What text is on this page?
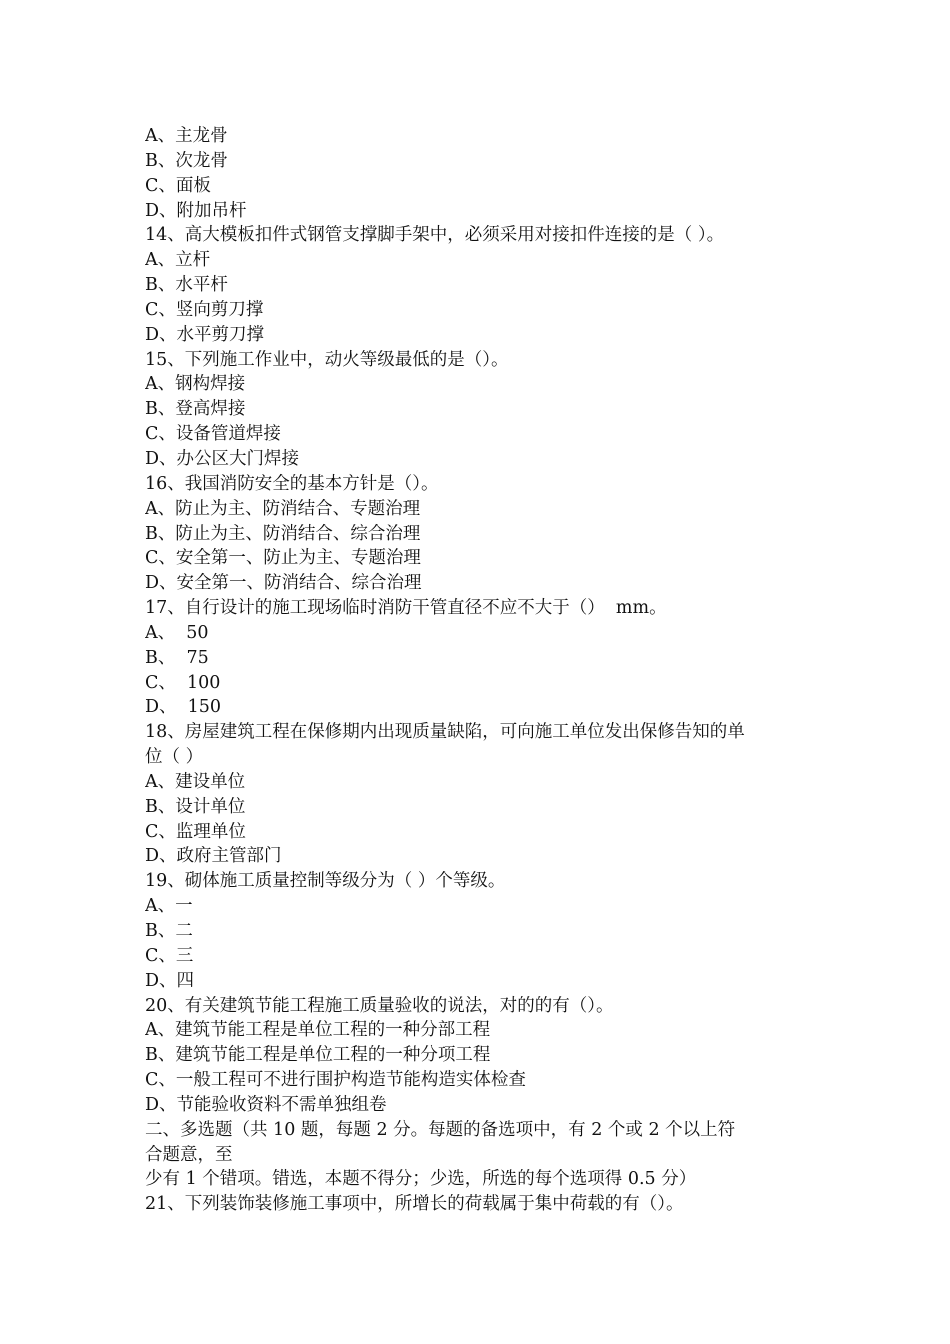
A、主龙骨
B、次龙骨
C、面板
D、附加吊杆
14、高大模板扣件式钢管支撑脚手架中，必须采用对接扣件连接的是（ ）。
A、立杆
B、水平杆
C、竖向剪刀撑
D、水平剪刀撑
15、下列施工作业中，动火等级最低的是（）。
A、钢构焊接
B、登高焊接
C、设备管道焊接
D、办公区大门焊接
16、我国消防安全的基本方针是（）。
A、防止为主、防消结合、专题治理
B、防止为主、防消结合、综合治理
C、安全第一、防止为主、专题治理
D、安全第一、防消结合、综合治理
17、自行设计的施工现场临时消防干管直径不应不大于（）  mm。
A、  50
B、  75
C、  100
D、  150
18、房屋建筑工程在保修期内出现质量缺陷，可向施工单位发出保修告知的单
位（ ）
A、建设单位
B、设计单位
C、监理单位
D、政府主管部门
19、砌体施工质量控制等级分为（ ）个等级。
A、一
B、二
C、三
D、四
20、有关建筑节能工程施工质量验收的说法，对的的有（）。
A、建筑节能工程是单位工程的一种分部工程
B、建筑节能工程是单位工程的一种分项工程
C、一般工程可不进行围护构造节能构造实体检查
D、节能验收资料不需单独组卷
二、多选题（共 10 题，每题 2 分。每题的备选项中，有 2 个或 2 个以上符
合题意，至
少有 1 个错项。错选，本题不得分；少选，所选的每个选项得 0.5 分）
21、下列装饰装修施工事项中，所增长的荷载属于集中荷载的有（）。
